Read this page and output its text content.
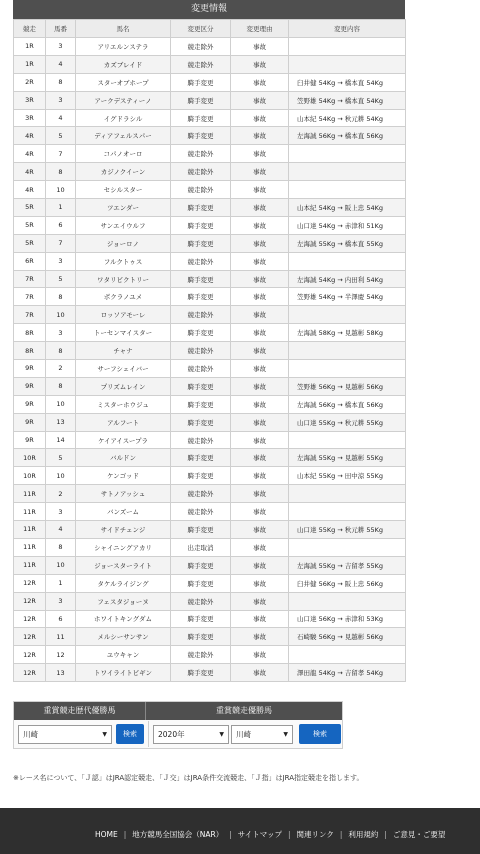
変更情報
競走	馬番	馬名	変更区分	変更理由	変更内容
1R	3	アリエルンステラ	競走除外	事故	
1R	4	カズブレイド	競走除外	事故	
2R	8	スターオブホープ	騎手変更	事故	臼井健 54Kg → 橋本直 54Kg
3R	3	アークデスティーノ	騎手変更	事故	笠野雄 54Kg → 橋本直 54Kg
3R	4	イグドラシル	騎手変更	事故	山本紀 54Kg → 秋元耕 54Kg
4R	5	ディアフェルスパー	騎手変更	事故	左海誠 56Kg → 橋本直 56Kg
4R	7	コパノオーロ	競走除外	事故	
4R	8	カジノクイーン	競走除外	事故	
4R	10	セシルスター	競走除外	事故	
5R	1	ツエンダー	騎手変更	事故	山本紀 54Kg → 阪上忠 54Kg
5R	6	サンエイウルフ	騎手変更	事故	山口達 54Kg → 赤津和 51Kg
5R	7	ジョーロノ	騎手変更	事故	左海誠 55Kg → 橋本直 55Kg
6R	3	フルクトゥス	競走除外	事故	
7R	5	ワタリビクトリー	騎手変更	事故	左海誠 54Kg → 内田利 54Kg
7R	8	ボクラノユメ	騎手変更	事故	笠野雄 54Kg → 半澤慶 54Kg
7R	10	ロッソアモーレ	競走除外	事故	
8R	3	トーセンマイスター	騎手変更	事故	左海誠 58Kg → 見越彬 58Kg
8R	8	チャナ	競走除外	事故	
9R	2	サーフシェイバー	競走除外	事故	
9R	8	プリズムレイン	騎手変更	事故	笠野雄 56Kg → 見越彬 56Kg
9R	10	ミスターホウジュ	騎手変更	事故	左海誠 56Kg → 橋本直 56Kg
9R	13	アルフート	騎手変更	事故	山口達 55Kg → 秋元耕 55Kg
9R	14	ケイアイスープラ	競走除外	事故	
10R	5	バルドン	騎手変更	事故	左海誠 55Kg → 見越彬 55Kg
10R	10	ケンゴッド	騎手変更	事故	山本紀 55Kg → 田中涼 55Kg
11R	2	サトノアッシュ	競走除外	事故	
11R	3	バンズーム	競走除外	事故	
11R	4	サイドチェンジ	騎手変更	事故	山口達 55Kg → 秋元耕 55Kg
11R	8	シャイニングアカリ	出走取消	事故	
11R	10	ジョースターライト	騎手変更	事故	左海誠 55Kg → 吉留孝 55Kg
12R	1	タケルライジング	騎手変更	事故	臼井健 56Kg → 阪上忠 56Kg
12R	3	フェスタジョーヌ	競走除外	事故	
12R	6	ホワイトキングダム	騎手変更	事故	山口達 56Kg → 赤津和 53Kg
12R	11	メルシーサンサン	騎手変更	事故	石崎駿 56Kg → 見越彬 56Kg
12R	12	ユウキャン	競走除外	事故	
12R	13	トワイライトビギン	騎手変更	事故	澤田龍 54Kg → 吉留孝 54Kg
重賞競走歴代優勝馬	重賞競走優勝馬
川崎	▼	検索	2020年	▼	川崎	▼	検索

※レース名について、「Ｊ認」はJRA認定競走、「Ｊ交」はJRA条件交流競走、「Ｊ指」はJRA指定競走を指します。

HOME | 地方競馬全国協会（NAR） | サイトマップ | 関連リンク | 利用規約 | ご意見・ご要望
